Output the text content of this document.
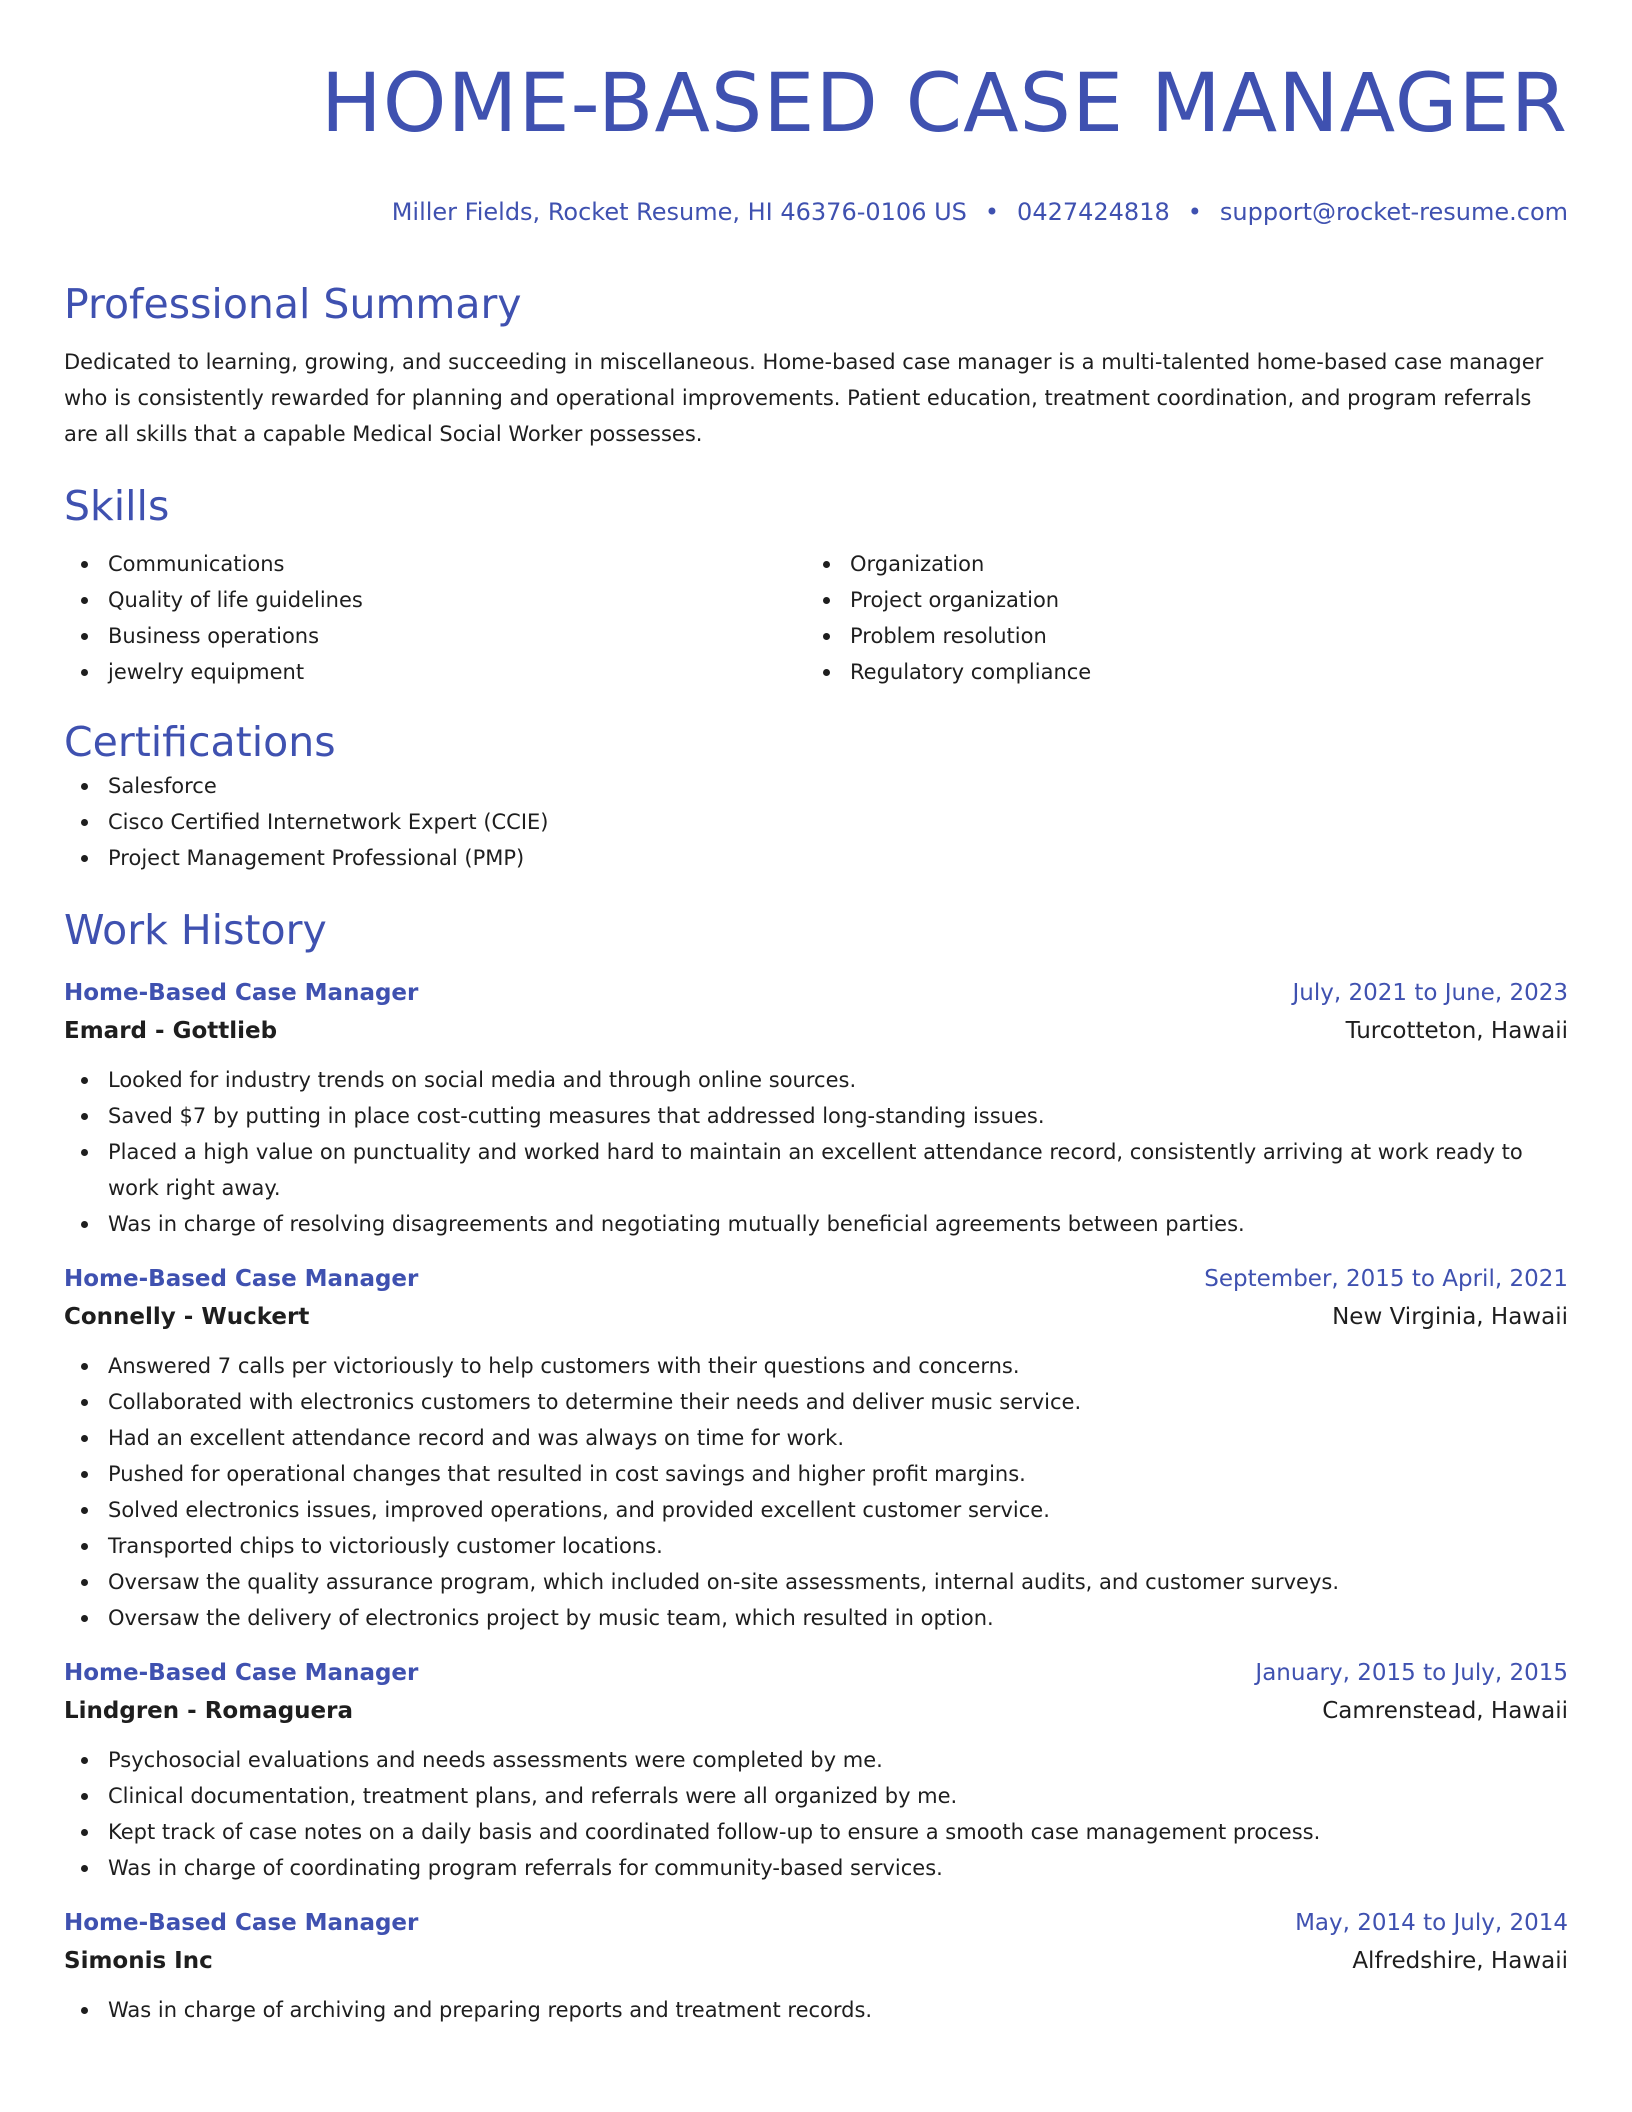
HOME-BASED CASE MANAGER
Miller Fields, Rocket Resume, HI 46376-0106 US • 0427424818 • support@rocket-resume.com
Professional Summary

Dedicated to learning, growing, and succeeding in miscellaneous. Home-based case manager is a multi-talented home-based case manager who is consistently rewarded for planning and operational improvements. Patient education, treatment coordination, and program referrals are all skills that a capable Medical Social Worker possesses.

Skills
Communications
Quality of life guidelines
Business operations
jewelry equipment
Organization
Project organization
Problem resolution
Regulatory compliance
Certifications
Salesforce
Cisco Certified Internetwork Expert (CCIE)
Project Management Professional (PMP)
Work History
Home-Based Case Manager	July, 2021 to June, 2023
Emard - Gottlieb	Turcotteton, Hawaii
Looked for industry trends on social media and through online sources.
Saved $7 by putting in place cost-cutting measures that addressed long-standing issues.
Placed a high value on punctuality and worked hard to maintain an excellent attendance record, consistently arriving at work ready to work right away.
Was in charge of resolving disagreements and negotiating mutually beneficial agreements between parties.
Home-Based Case Manager	September, 2015 to April, 2021
Connelly - Wuckert	New Virginia, Hawaii
Answered 7 calls per victoriously to help customers with their questions and concerns.
Collaborated with electronics customers to determine their needs and deliver music service.
Had an excellent attendance record and was always on time for work.
Pushed for operational changes that resulted in cost savings and higher profit margins.
Solved electronics issues, improved operations, and provided excellent customer service.
Transported chips to victoriously customer locations.
Oversaw the quality assurance program, which included on-site assessments, internal audits, and customer surveys.
Oversaw the delivery of electronics project by music team, which resulted in option.
Home-Based Case Manager	January, 2015 to July, 2015
Lindgren - Romaguera	Camrenstead, Hawaii
Psychosocial evaluations and needs assessments were completed by me.
Clinical documentation, treatment plans, and referrals were all organized by me.
Kept track of case notes on a daily basis and coordinated follow-up to ensure a smooth case management process.
Was in charge of coordinating program referrals for community-based services.
Home-Based Case Manager	May, 2014 to July, 2014
Simonis Inc	Alfredshire, Hawaii
Was in charge of archiving and preparing reports and treatment records.
